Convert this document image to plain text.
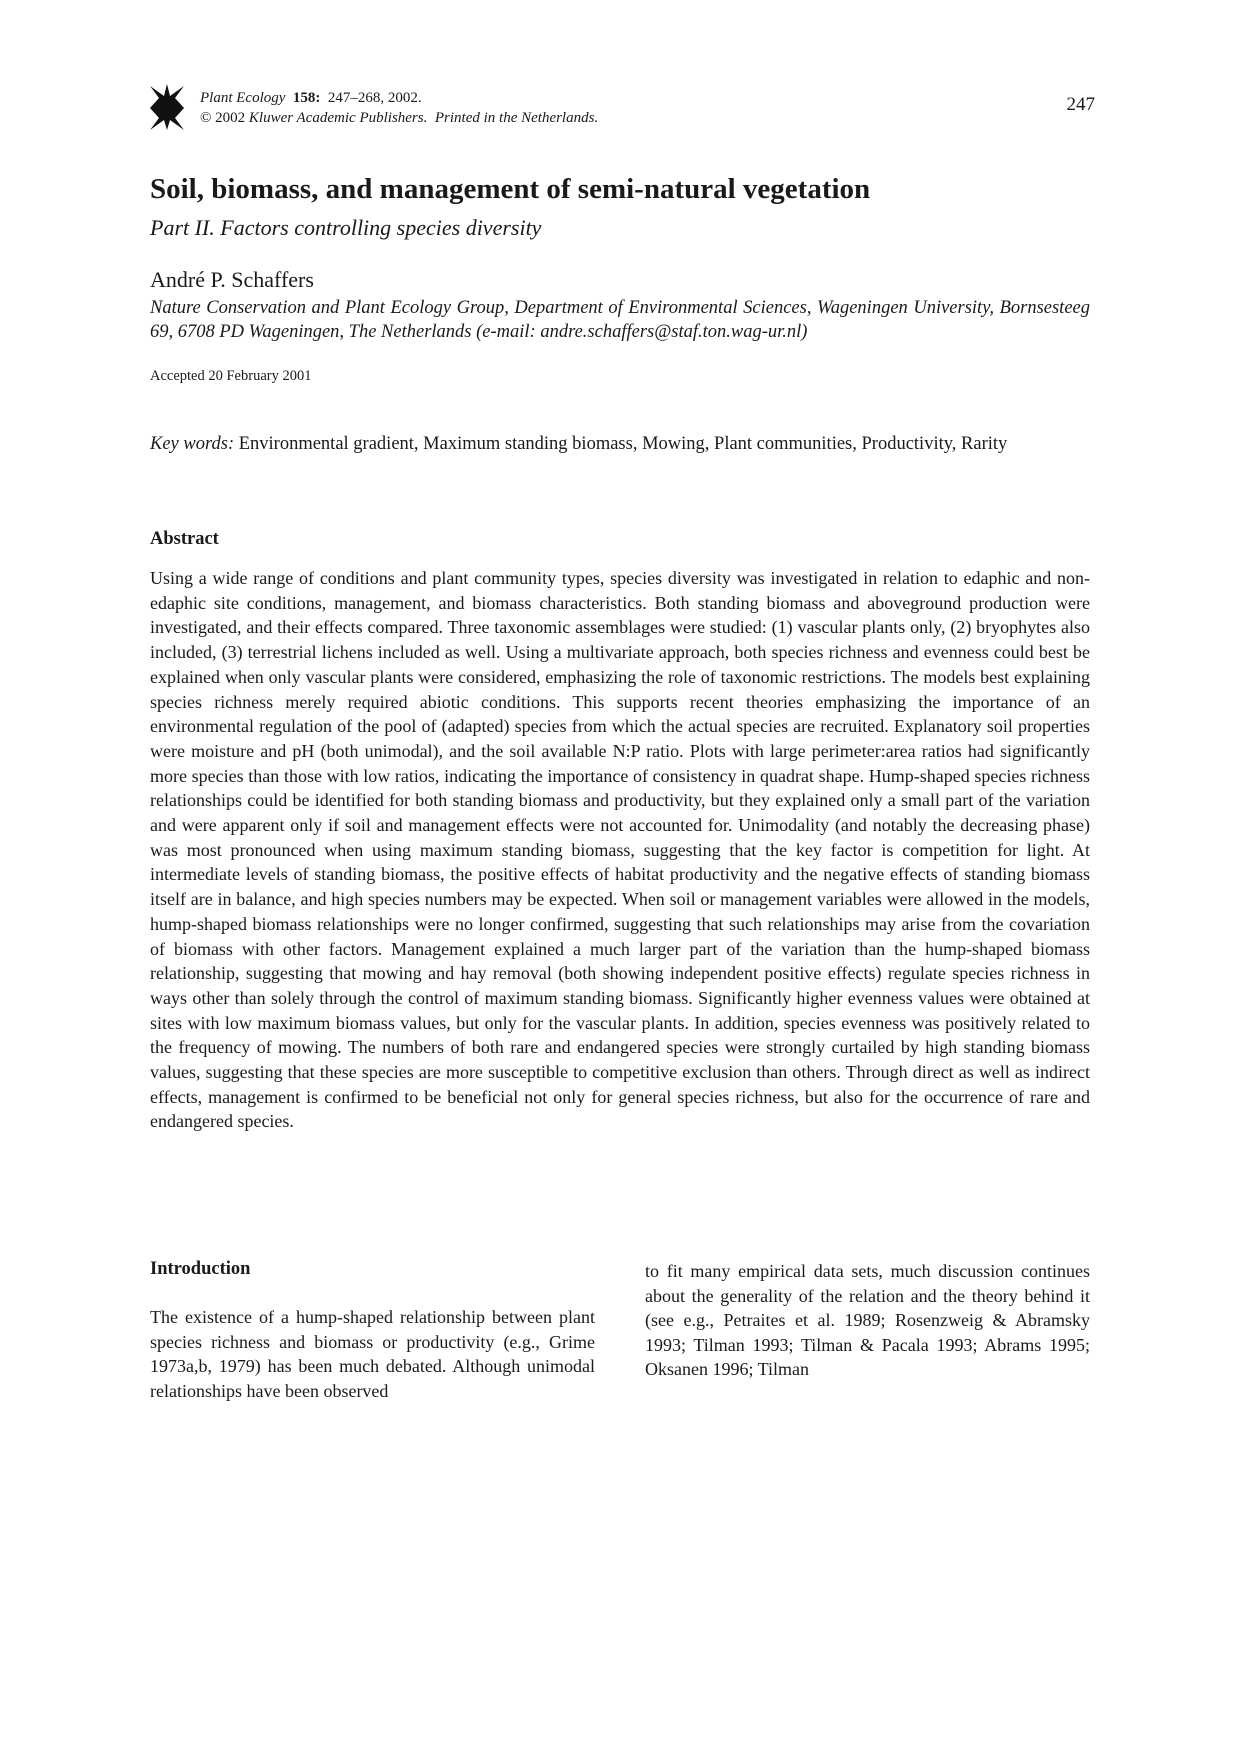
Plant Ecology 158: 247–268, 2002.
© 2002 Kluwer Academic Publishers. Printed in the Netherlands.
247
Soil, biomass, and management of semi-natural vegetation
Part II. Factors controlling species diversity
André P. Schaffers
Nature Conservation and Plant Ecology Group, Department of Environmental Sciences, Wageningen University, Bornsesteeg 69, 6708 PD Wageningen, The Netherlands (e-mail: andre.schaffers@staf.ton.wag-ur.nl)
Accepted 20 February 2001
Key words: Environmental gradient, Maximum standing biomass, Mowing, Plant communities, Productivity, Rarity
Abstract
Using a wide range of conditions and plant community types, species diversity was investigated in relation to edaphic and non-edaphic site conditions, management, and biomass characteristics. Both standing biomass and aboveground production were investigated, and their effects compared. Three taxonomic assemblages were studied: (1) vascular plants only, (2) bryophytes also included, (3) terrestrial lichens included as well. Using a multivariate approach, both species richness and evenness could best be explained when only vascular plants were considered, emphasizing the role of taxonomic restrictions. The models best explaining species richness merely required abiotic conditions. This supports recent theories emphasizing the importance of an environmental regulation of the pool of (adapted) species from which the actual species are recruited. Explanatory soil properties were moisture and pH (both unimodal), and the soil available N:P ratio. Plots with large perimeter:area ratios had significantly more species than those with low ratios, indicating the importance of consistency in quadrat shape. Hump-shaped species richness relationships could be identified for both standing biomass and productivity, but they explained only a small part of the variation and were apparent only if soil and management effects were not accounted for. Unimodality (and notably the decreasing phase) was most pronounced when using maximum standing biomass, suggesting that the key factor is competition for light. At intermediate levels of standing biomass, the positive effects of habitat productivity and the negative effects of standing biomass itself are in balance, and high species numbers may be expected. When soil or management variables were allowed in the models, hump-shaped biomass relationships were no longer confirmed, suggesting that such relationships may arise from the covariation of biomass with other factors. Management explained a much larger part of the variation than the hump-shaped biomass relationship, suggesting that mowing and hay removal (both showing independent positive effects) regulate species richness in ways other than solely through the control of maximum standing biomass. Significantly higher evenness values were obtained at sites with low maximum biomass values, but only for the vascular plants. In addition, species evenness was positively related to the frequency of mowing. The numbers of both rare and endangered species were strongly curtailed by high standing biomass values, suggesting that these species are more susceptible to competitive exclusion than others. Through direct as well as indirect effects, management is confirmed to be beneficial not only for general species richness, but also for the occurrence of rare and endangered species.
Introduction
The existence of a hump-shaped relationship between plant species richness and biomass or productivity (e.g., Grime 1973a,b, 1979) has been much debated. Although unimodal relationships have been observed
to fit many empirical data sets, much discussion continues about the generality of the relation and the theory behind it (see e.g., Petraites et al. 1989; Rosenzweig & Abramsky 1993; Tilman 1993; Tilman & Pacala 1993; Abrams 1995; Oksanen 1996; Tilman
